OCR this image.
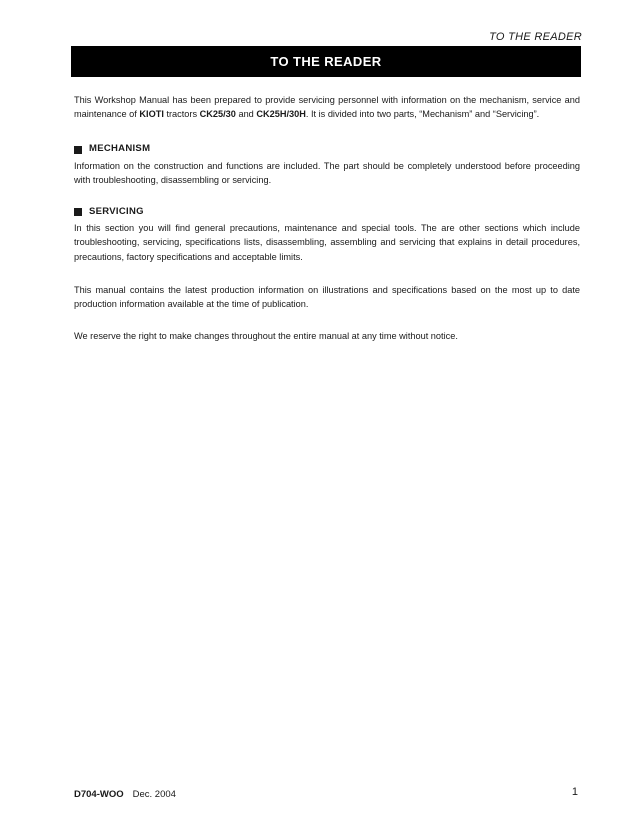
TO THE READER
TO THE READER

This Workshop Manual has been prepared to provide servicing personnel with information on the mechanism, service and maintenance of KIOTI tractors CK25/30 and CK25H/30H. It is divided into two parts, “Mechanism” and “Servicing”.

MECHANISM

Information on the construction and functions are included. The part should be completely understood before proceeding with troubleshooting, disassembling or servicing.

SERVICING

In this section you will find general precautions, maintenance and special tools. The are other sections which include troubleshooting, servicing, specifications lists, disassembling, assembling and servicing that explains in detail procedures, precautions, factory specifications and acceptable limits.

This manual contains the latest production information on illustrations and specifications based on the most up to date production information available at the time of publication.

We reserve the right to make changes throughout the entire manual at any time without notice.

D704-WOO Dec. 2004	1
